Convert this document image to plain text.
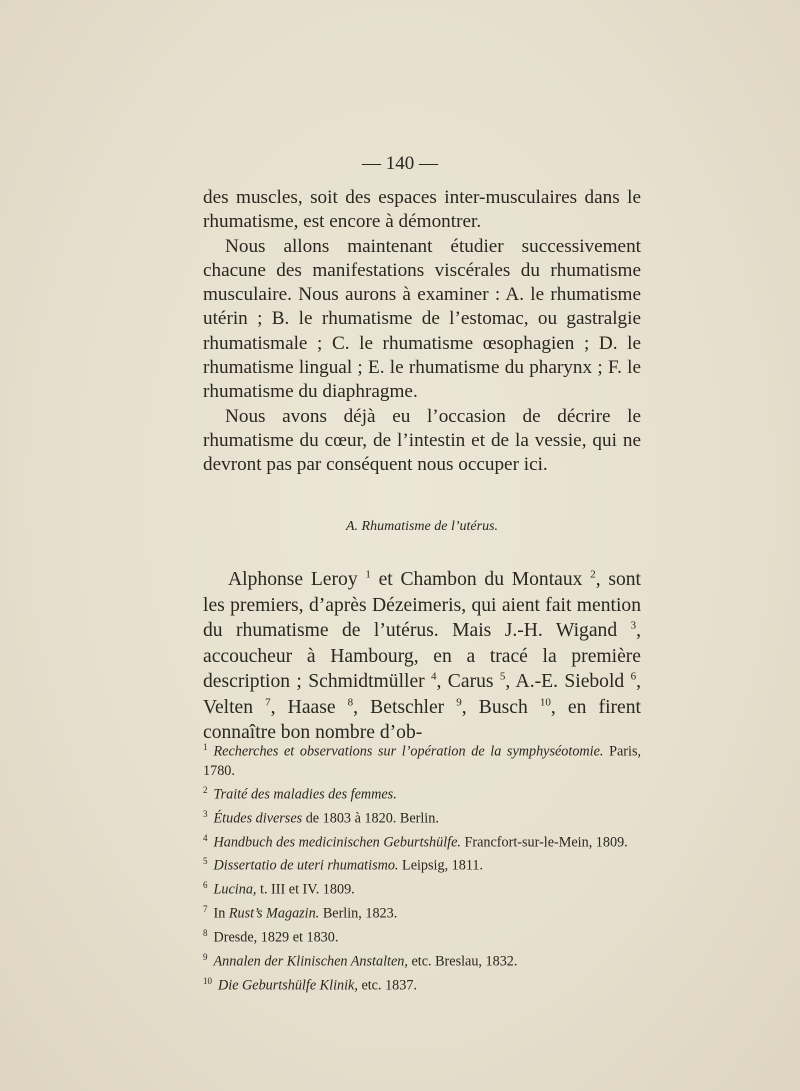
— 140 —

des muscles, soit des espaces inter-musculaires dans le rhumatisme, est encore à démontrer.

Nous allons maintenant étudier successivement chacune des manifestations viscérales du rhumatisme musculaire. Nous aurons à examiner : A. le rhumatisme utérin ; B. le rhumatisme de l’estomac, ou gastralgie rhumatismale ; C. le rhumatisme œsophagien ; D. le rhumatisme lingual ; E. le rhumatisme du pharynx ; F. le rhumatisme du diaphragme.

Nous avons déjà eu l’occasion de décrire le rhumatisme du cœur, de l’intestin et de la vessie, qui ne devront pas par conséquent nous occuper ici.

A. Rhumatisme de l’utérus.

Alphonse Leroy $^1$ et Chambon du Montaux $^2$, sont les premiers, d’après Dézeimeris, qui aient fait mention du rhumatisme de l’utérus. Mais J.-H. Wigand $^3$, accoucheur à Hambourg, en a tracé la première description ; Schmidtmüller $^4$, Carus $^5$, A.-E. Siebold $^6$, Velten $^7$, Haase $^8$, Betschler $^9$, Busch $^{10}$, en firent connaître bon nombre d’ob-

$^1$ Recherches et observations sur l’opération de la symphyséotomie. Paris, 1780.

$^2$ Traité des maladies des femmes.

$^3$ Études diverses de 1803 à 1820. Berlin.

$^4$ Handbuch des medicinischen Geburtshülfe. Francfort-sur-le-Mein, 1809.

$^5$ Dissertatio de uteri rhumatismo. Leipsig, 1811.

$^6$ Lucina, t. III et IV. 1809.

$^7$ In Rust’s Magazin. Berlin, 1823.

$^8$ Dresde, 1829 et 1830.

$^9$ Annalen der Klinischen Anstalten, etc. Breslau, 1832.

$^{10}$ Die Geburtshülfe Klinik, etc. 1837.
